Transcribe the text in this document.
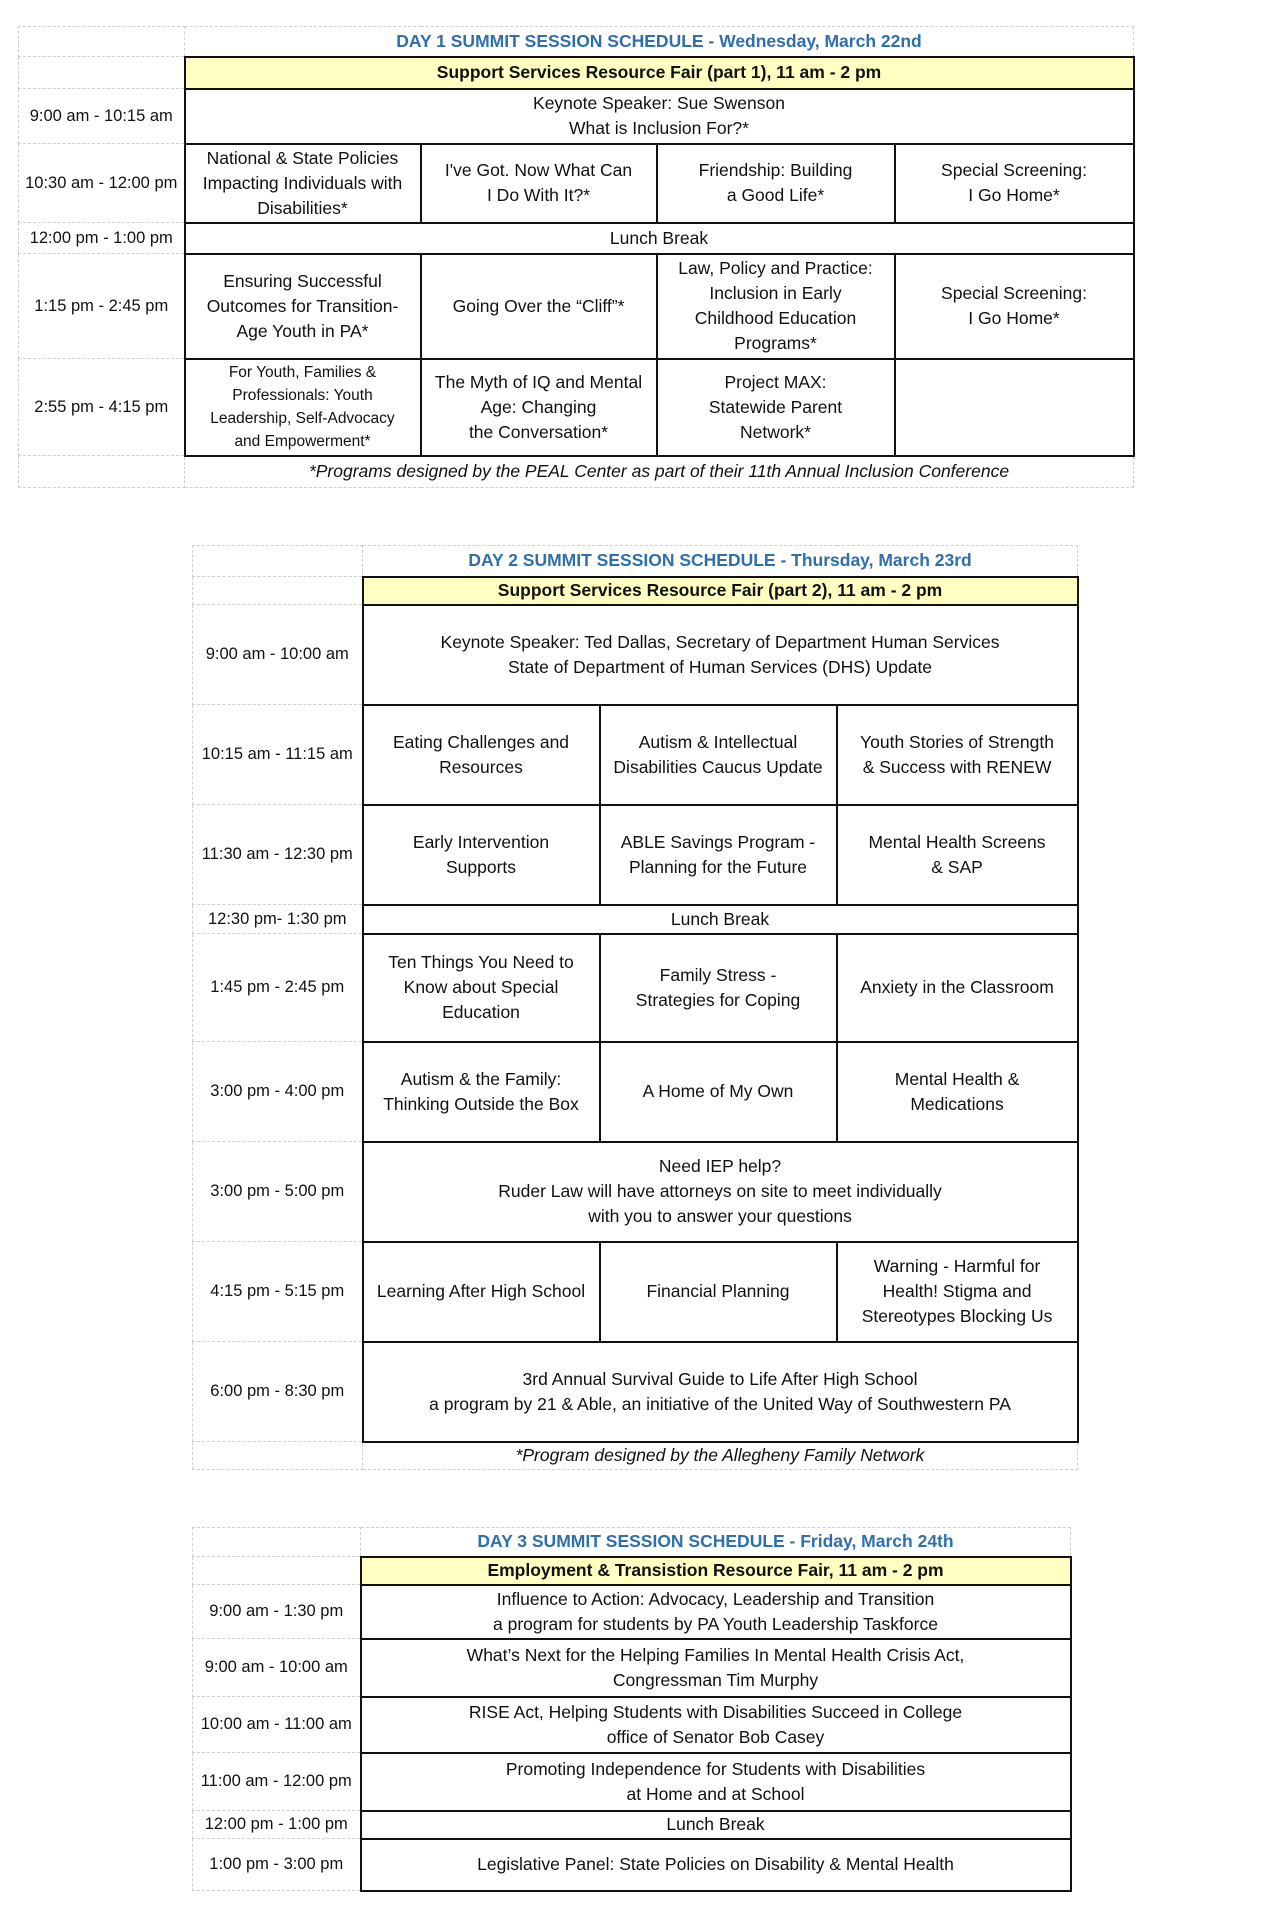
	DAY 1 SUMMIT SESSION SCHEDULE - Wednesday, March 22nd			
	Support Services Resource Fair (part 1), 11 am - 2 pm			
9:00 am - 10:15 am	Keynote Speaker: Sue Swenson
What is Inclusion For?*			
10:30 am - 12:00 pm	National & State Policies
Impacting Individuals with
Disabilities*	I've Got. Now What Can
I Do With It?*	Friendship: Building
a Good Life*	Special Screening:
I Go Home*
12:00 pm - 1:00 pm	Lunch Break			
1:15 pm - 2:45 pm	Ensuring Successful
Outcomes for Transition-
Age Youth in PA*	Going Over the “Cliff”*	Law, Policy and Practice:
Inclusion in Early
Childhood Education
Programs*	Special Screening:
I Go Home*
2:55 pm - 4:15 pm	For Youth, Families &
Professionals: Youth
Leadership, Self-Advocacy
and Empowerment*	The Myth of IQ and Mental
Age: Changing
the Conversation*	Project MAX:
Statewide Parent
Network*	
	*Programs designed by the PEAL Center as part of their 11th Annual Inclusion Conference			
	DAY 2 SUMMIT SESSION SCHEDULE - Thursday, March 23rd		
	Support Services Resource Fair (part 2), 11 am - 2 pm		
9:00 am - 10:00 am	Keynote Speaker: Ted Dallas, Secretary of Department Human Services
State of Department of Human Services (DHS) Update		
10:15 am - 11:15 am	Eating Challenges and
Resources	Autism & Intellectual
Disabilities Caucus Update	Youth Stories of Strength
& Success with RENEW
11:30 am - 12:30 pm	Early Intervention
Supports	ABLE Savings Program -
Planning for the Future	Mental Health Screens
& SAP
12:30 pm- 1:30 pm	Lunch Break		
1:45 pm - 2:45 pm	Ten Things You Need to
Know about Special
Education	Family Stress -
Strategies for Coping	Anxiety in the Classroom
3:00 pm - 4:00 pm	Autism & the Family:
Thinking Outside the Box	A Home of My Own	Mental Health &
Medications
3:00 pm - 5:00 pm	Need IEP help?
Ruder Law will have attorneys on site to meet individually
with you to answer your questions		
4:15 pm - 5:15 pm	Learning After High School	Financial Planning	Warning - Harmful for
Health! Stigma and
Stereotypes Blocking Us
6:00 pm - 8:30 pm	3rd Annual Survival Guide to Life After High School
a program by 21 & Able, an initiative of the United Way of Southwestern PA		
	*Program designed by the Allegheny Family Network		
	DAY 3 SUMMIT SESSION SCHEDULE - Friday, March 24th
	Employment & Transistion Resource Fair, 11 am - 2 pm
9:00 am - 1:30 pm	Influence to Action: Advocacy, Leadership and Transition
a program for students by PA Youth Leadership Taskforce
9:00 am - 10:00 am	What’s Next for the Helping Families In Mental Health Crisis Act,
Congressman Tim Murphy
10:00 am - 11:00 am	RISE Act, Helping Students with Disabilities Succeed in College
office of Senator Bob Casey
11:00 am - 12:00 pm	Promoting Independence for Students with Disabilities
at Home and at School
12:00 pm - 1:00 pm	Lunch Break
1:00 pm - 3:00 pm	Legislative Panel: State Policies on Disability & Mental Health
